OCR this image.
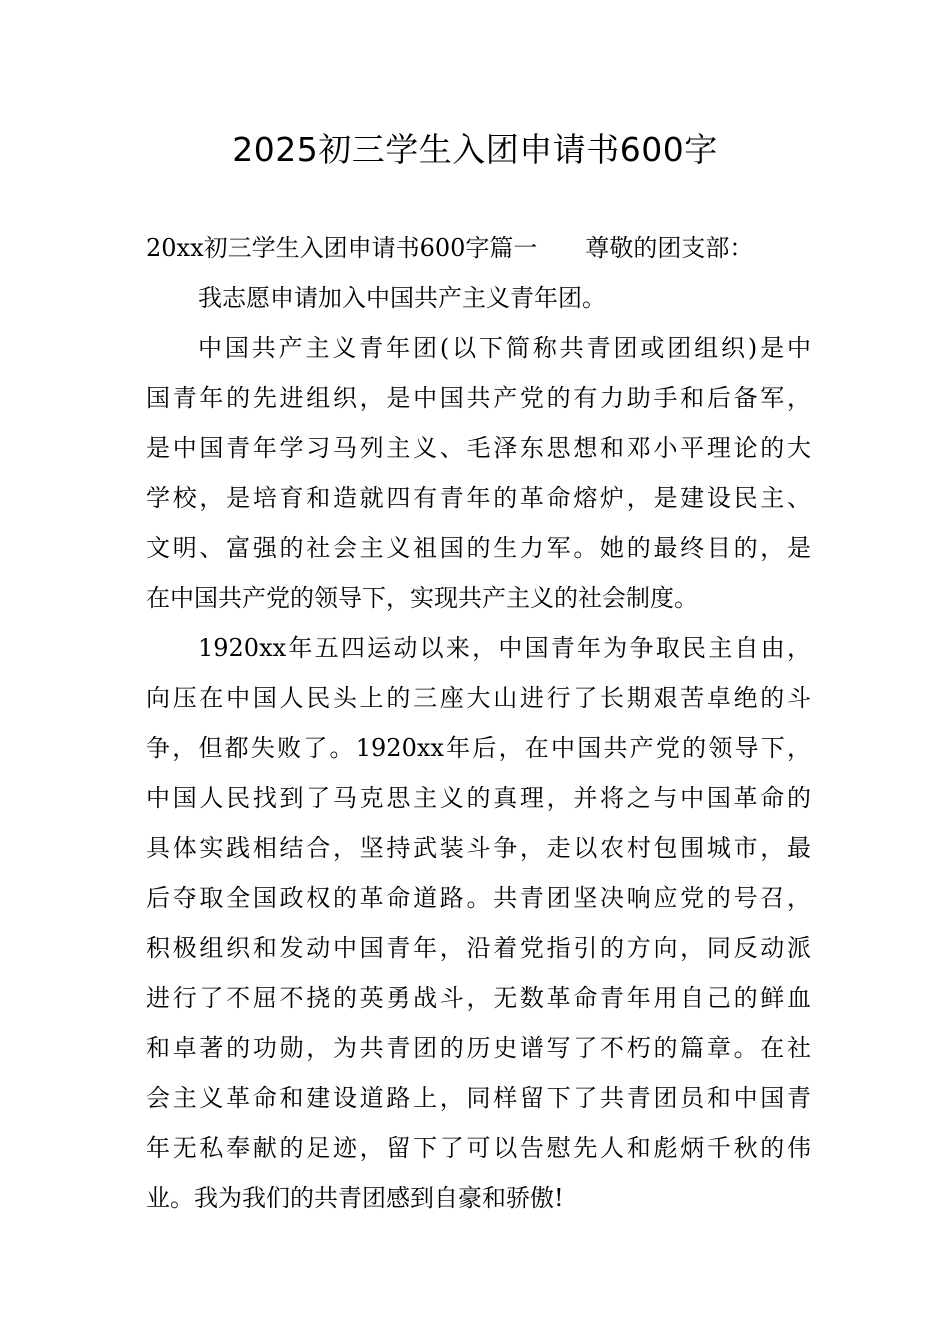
2025初三学生入团申请书600字
20xx初三学生入团申请书600字篇一 尊敬的团支部：
我志愿申请加入中国共产主义青年团。
中国共产主义青年团(以下简称共青团或团组织)是中
国青年的先进组织，是中国共产党的有力助手和后备军，
是中国青年学习马列主义、毛泽东思想和邓小平理论的大
学校，是培育和造就四有青年的革命熔炉，是建设民主、
文明、富强的社会主义祖国的生力军。她的最终目的，是
在中国共产党的领导下，实现共产主义的社会制度。
1920xx年五四运动以来，中国青年为争取民主自由，
向压在中国人民头上的三座大山进行了长期艰苦卓绝的斗
争，但都失败了。1920xx年后，在中国共产党的领导下，
中国人民找到了马克思主义的真理，并将之与中国革命的
具体实践相结合，坚持武装斗争，走以农村包围城市，最
后夺取全国政权的革命道路。共青团坚决响应党的号召，
积极组织和发动中国青年，沿着党指引的方向，同反动派
进行了不屈不挠的英勇战斗，无数革命青年用自己的鲜血
和卓著的功勋，为共青团的历史谱写了不朽的篇章。在社
会主义革命和建设道路上，同样留下了共青团员和中国青
年无私奉献的足迹，留下了可以告慰先人和彪炳千秋的伟
业。我为我们的共青团感到自豪和骄傲!
